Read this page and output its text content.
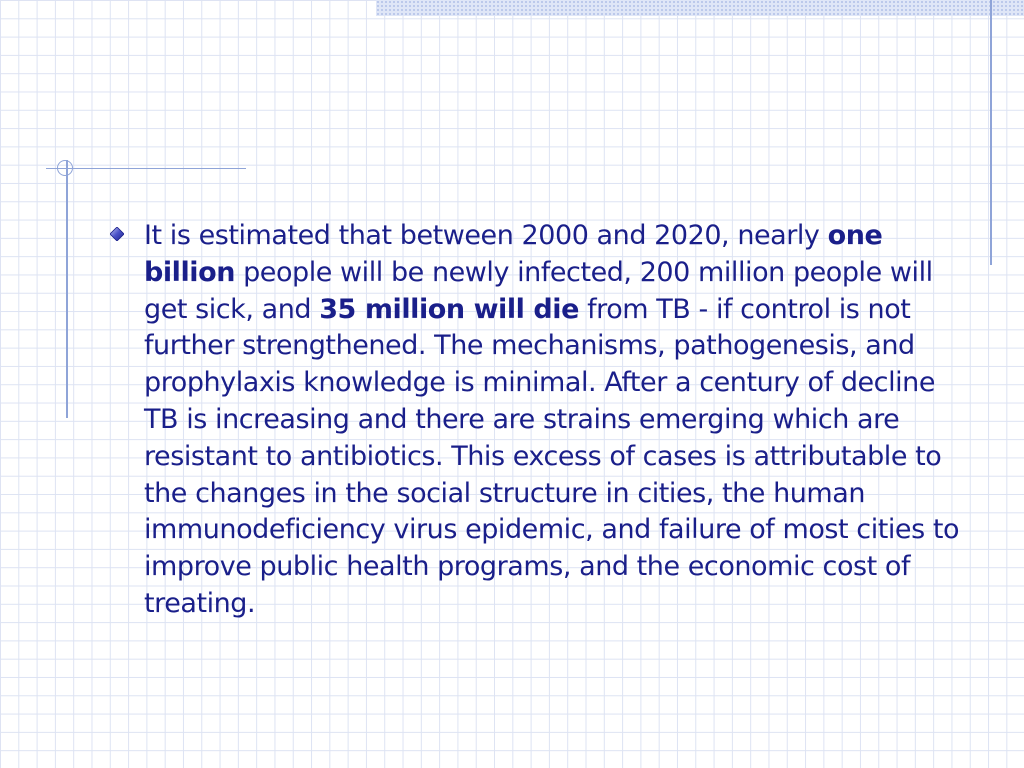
It is estimated that between 2000 and 2020, nearly one billion people will be newly infected, 200 million people will get sick, and 35 million will die from TB - if control is not further strengthened. The mechanisms, pathogenesis, and prophylaxis knowledge is minimal. After a century of decline TB is increasing and there are strains emerging which are resistant to antibiotics. This excess of cases is attributable to the changes in the social structure in cities, the human immunodeficiency virus epidemic, and failure of most cities to improve public health programs, and the economic cost of treating.
